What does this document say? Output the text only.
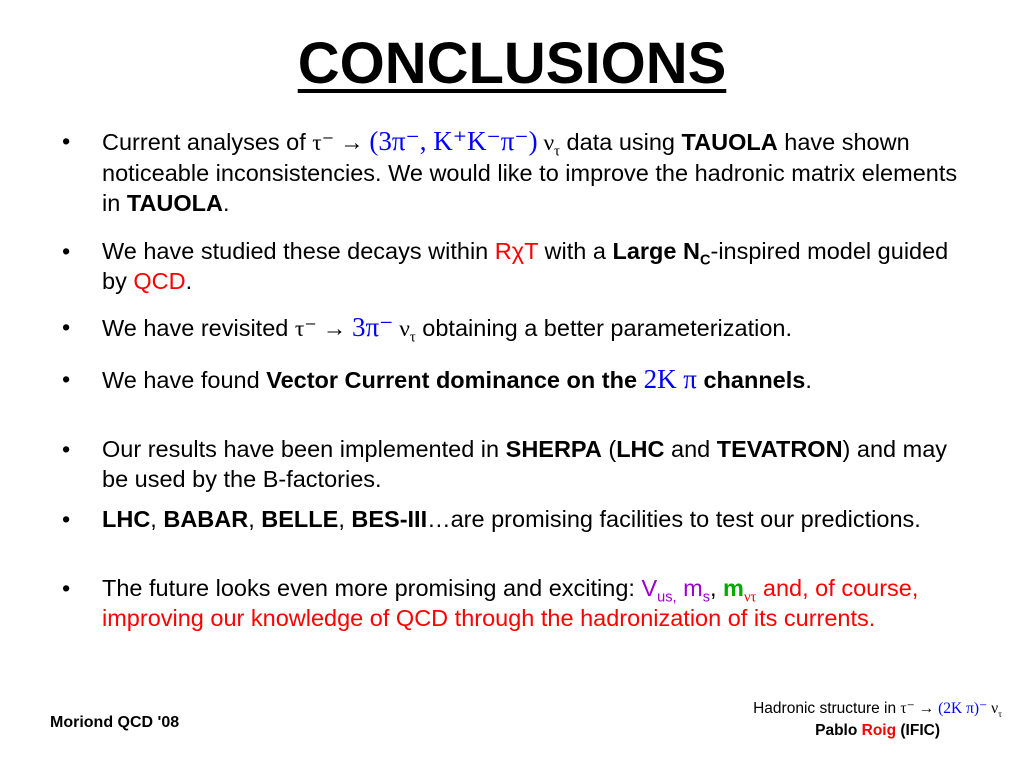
CONCLUSIONS
•	Current analyses of τ⁻ → (3π⁻, K⁺K⁻π⁻) $\nu_\tau$ data using TAUOLA have shown noticeable inconsistencies. We would like to improve the hadronic matrix elements in TAUOLA.
•	We have studied these decays within RχT with a Large $N_C$-inspired model guided by QCD.
•	We have revisited τ⁻ → 3π⁻ $\nu_\tau$ obtaining a better parameterization.
•	We have found Vector Current dominance on the 2K π channels.
•	Our results have been implemented in SHERPA (LHC and TEVATRON) and may be used by the B-factories.
•	LHC, BABAR, BELLE, BES-III…are promising facilities to test our predictions.
•	The future looks even more promising and exciting: $V_{us,}$ $m_s$, $m_{\nu\tau}$ and, of course, improving our knowledge of QCD through the hadronization of its currents.
Moriond QCD '08
Hadronic structure in τ⁻ → (2K π)⁻ $\nu_\tau$
Pablo Roig (IFIC)
